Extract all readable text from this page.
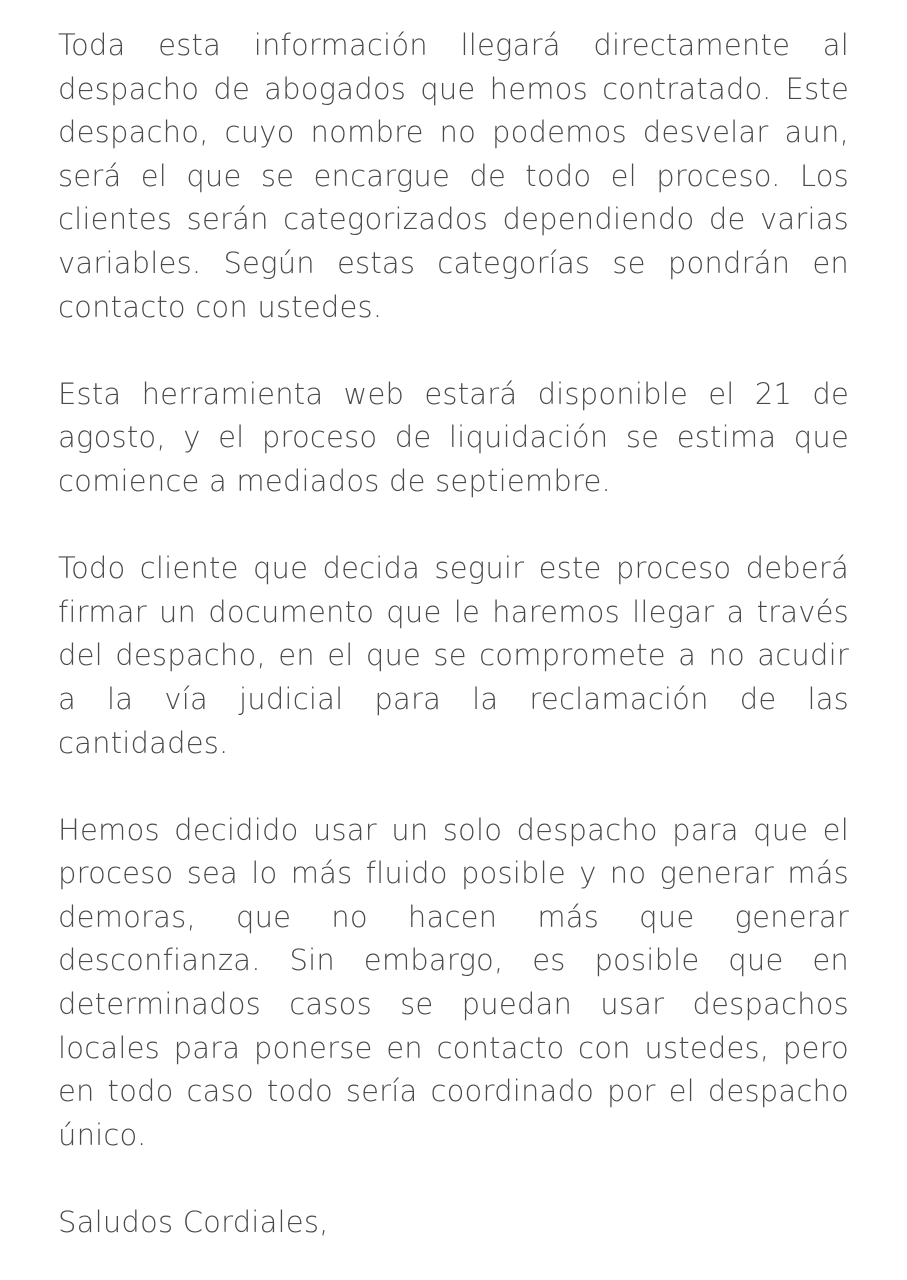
Toda esta información llegará directamente al despacho de abogados que hemos contratado. Este despacho, cuyo nombre no podemos desvelar aun, será el que se encargue de todo el proceso. Los clientes serán categorizados dependiendo de varias variables. Según estas categorías se pondrán en contacto con ustedes.

Esta herramienta web estará disponible el 21 de agosto, y el proceso de liquidación se estima que comience a mediados de septiembre.

Todo cliente que decida seguir este proceso deberá firmar un documento que le haremos llegar a través del despacho, en el que se compromete a no acudir a la vía judicial para la reclamación de las cantidades.

Hemos decidido usar un solo despacho para que el proceso sea lo más fluido posible y no generar más demoras, que no hacen más que generar desconfianza. Sin embargo, es posible que en determinados casos se puedan usar despachos locales para ponerse en contacto con ustedes, pero en todo caso todo sería coordinado por el despacho único.

Saludos Cordiales,
